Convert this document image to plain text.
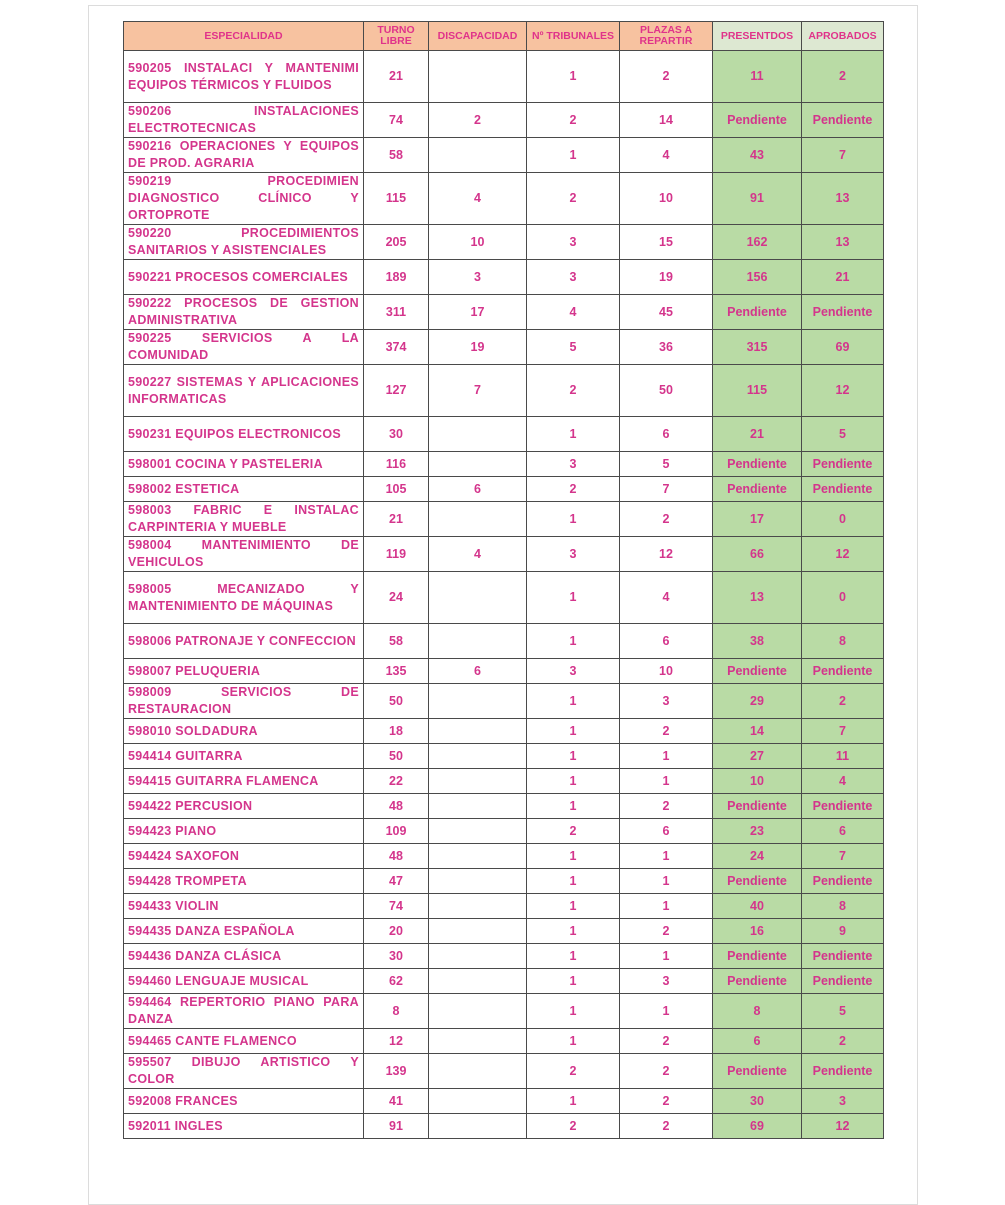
ESPECIALIDAD	TURNO LIBRE	DISCAPACIDAD	Nº TRIBUNALES	PLAZAS A REPARTIR	PRESENTDOS	APROBADOS
590205 INSTALACI Y MANTENIMI EQUIPOS TÉRMICOS Y FLUIDOS	21		1	2	11	2
590206 INSTALACIONES ELECTROTECNICAS	74	2	2	14	Pendiente	Pendiente
590216 OPERACIONES Y EQUIPOS DE PROD. AGRARIA	58		1	4	43	7
590219 PROCEDIMIEN DIAGNOSTICO CLÍNICO Y ORTOPROTE	115	4	2	10	91	13
590220 PROCEDIMIENTOS SANITARIOS Y ASISTENCIALES	205	10	3	15	162	13
590221 PROCESOS COMERCIALES	189	3	3	19	156	21
590222 PROCESOS DE GESTION ADMINISTRATIVA	311	17	4	45	Pendiente	Pendiente
590225 SERVICIOS A LA COMUNIDAD	374	19	5	36	315	69
590227 SISTEMAS Y APLICACIONES INFORMATICAS	127	7	2	50	115	12
590231 EQUIPOS ELECTRONICOS	30		1	6	21	5
598001 COCINA Y PASTELERIA	116		3	5	Pendiente	Pendiente
598002 ESTETICA	105	6	2	7	Pendiente	Pendiente
598003 FABRIC E INSTALAC CARPINTERIA Y MUEBLE	21		1	2	17	0
598004 MANTENIMIENTO DE VEHICULOS	119	4	3	12	66	12
598005 MECANIZADO Y MANTENIMIENTO DE MÁQUINAS	24		1	4	13	0
598006 PATRONAJE Y CONFECCION	58		1	6	38	8
598007 PELUQUERIA	135	6	3	10	Pendiente	Pendiente
598009 SERVICIOS DE RESTAURACION	50		1	3	29	2
598010 SOLDADURA	18		1	2	14	7
594414 GUITARRA	50		1	1	27	11
594415 GUITARRA FLAMENCA	22		1	1	10	4
594422 PERCUSION	48		1	2	Pendiente	Pendiente
594423 PIANO	109		2	6	23	6
594424 SAXOFON	48		1	1	24	7
594428 TROMPETA	47		1	1	Pendiente	Pendiente
594433 VIOLIN	74		1	1	40	8
594435 DANZA ESPAÑOLA	20		1	2	16	9
594436 DANZA CLÁSICA	30		1	1	Pendiente	Pendiente
594460 LENGUAJE MUSICAL	62		1	3	Pendiente	Pendiente
594464 REPERTORIO PIANO PARA DANZA	8		1	1	8	5
594465 CANTE FLAMENCO	12		1	2	6	2
595507 DIBUJO ARTISTICO Y COLOR	139		2	2	Pendiente	Pendiente
592008 FRANCES	41		1	2	30	3
592011 INGLES	91		2	2	69	12
